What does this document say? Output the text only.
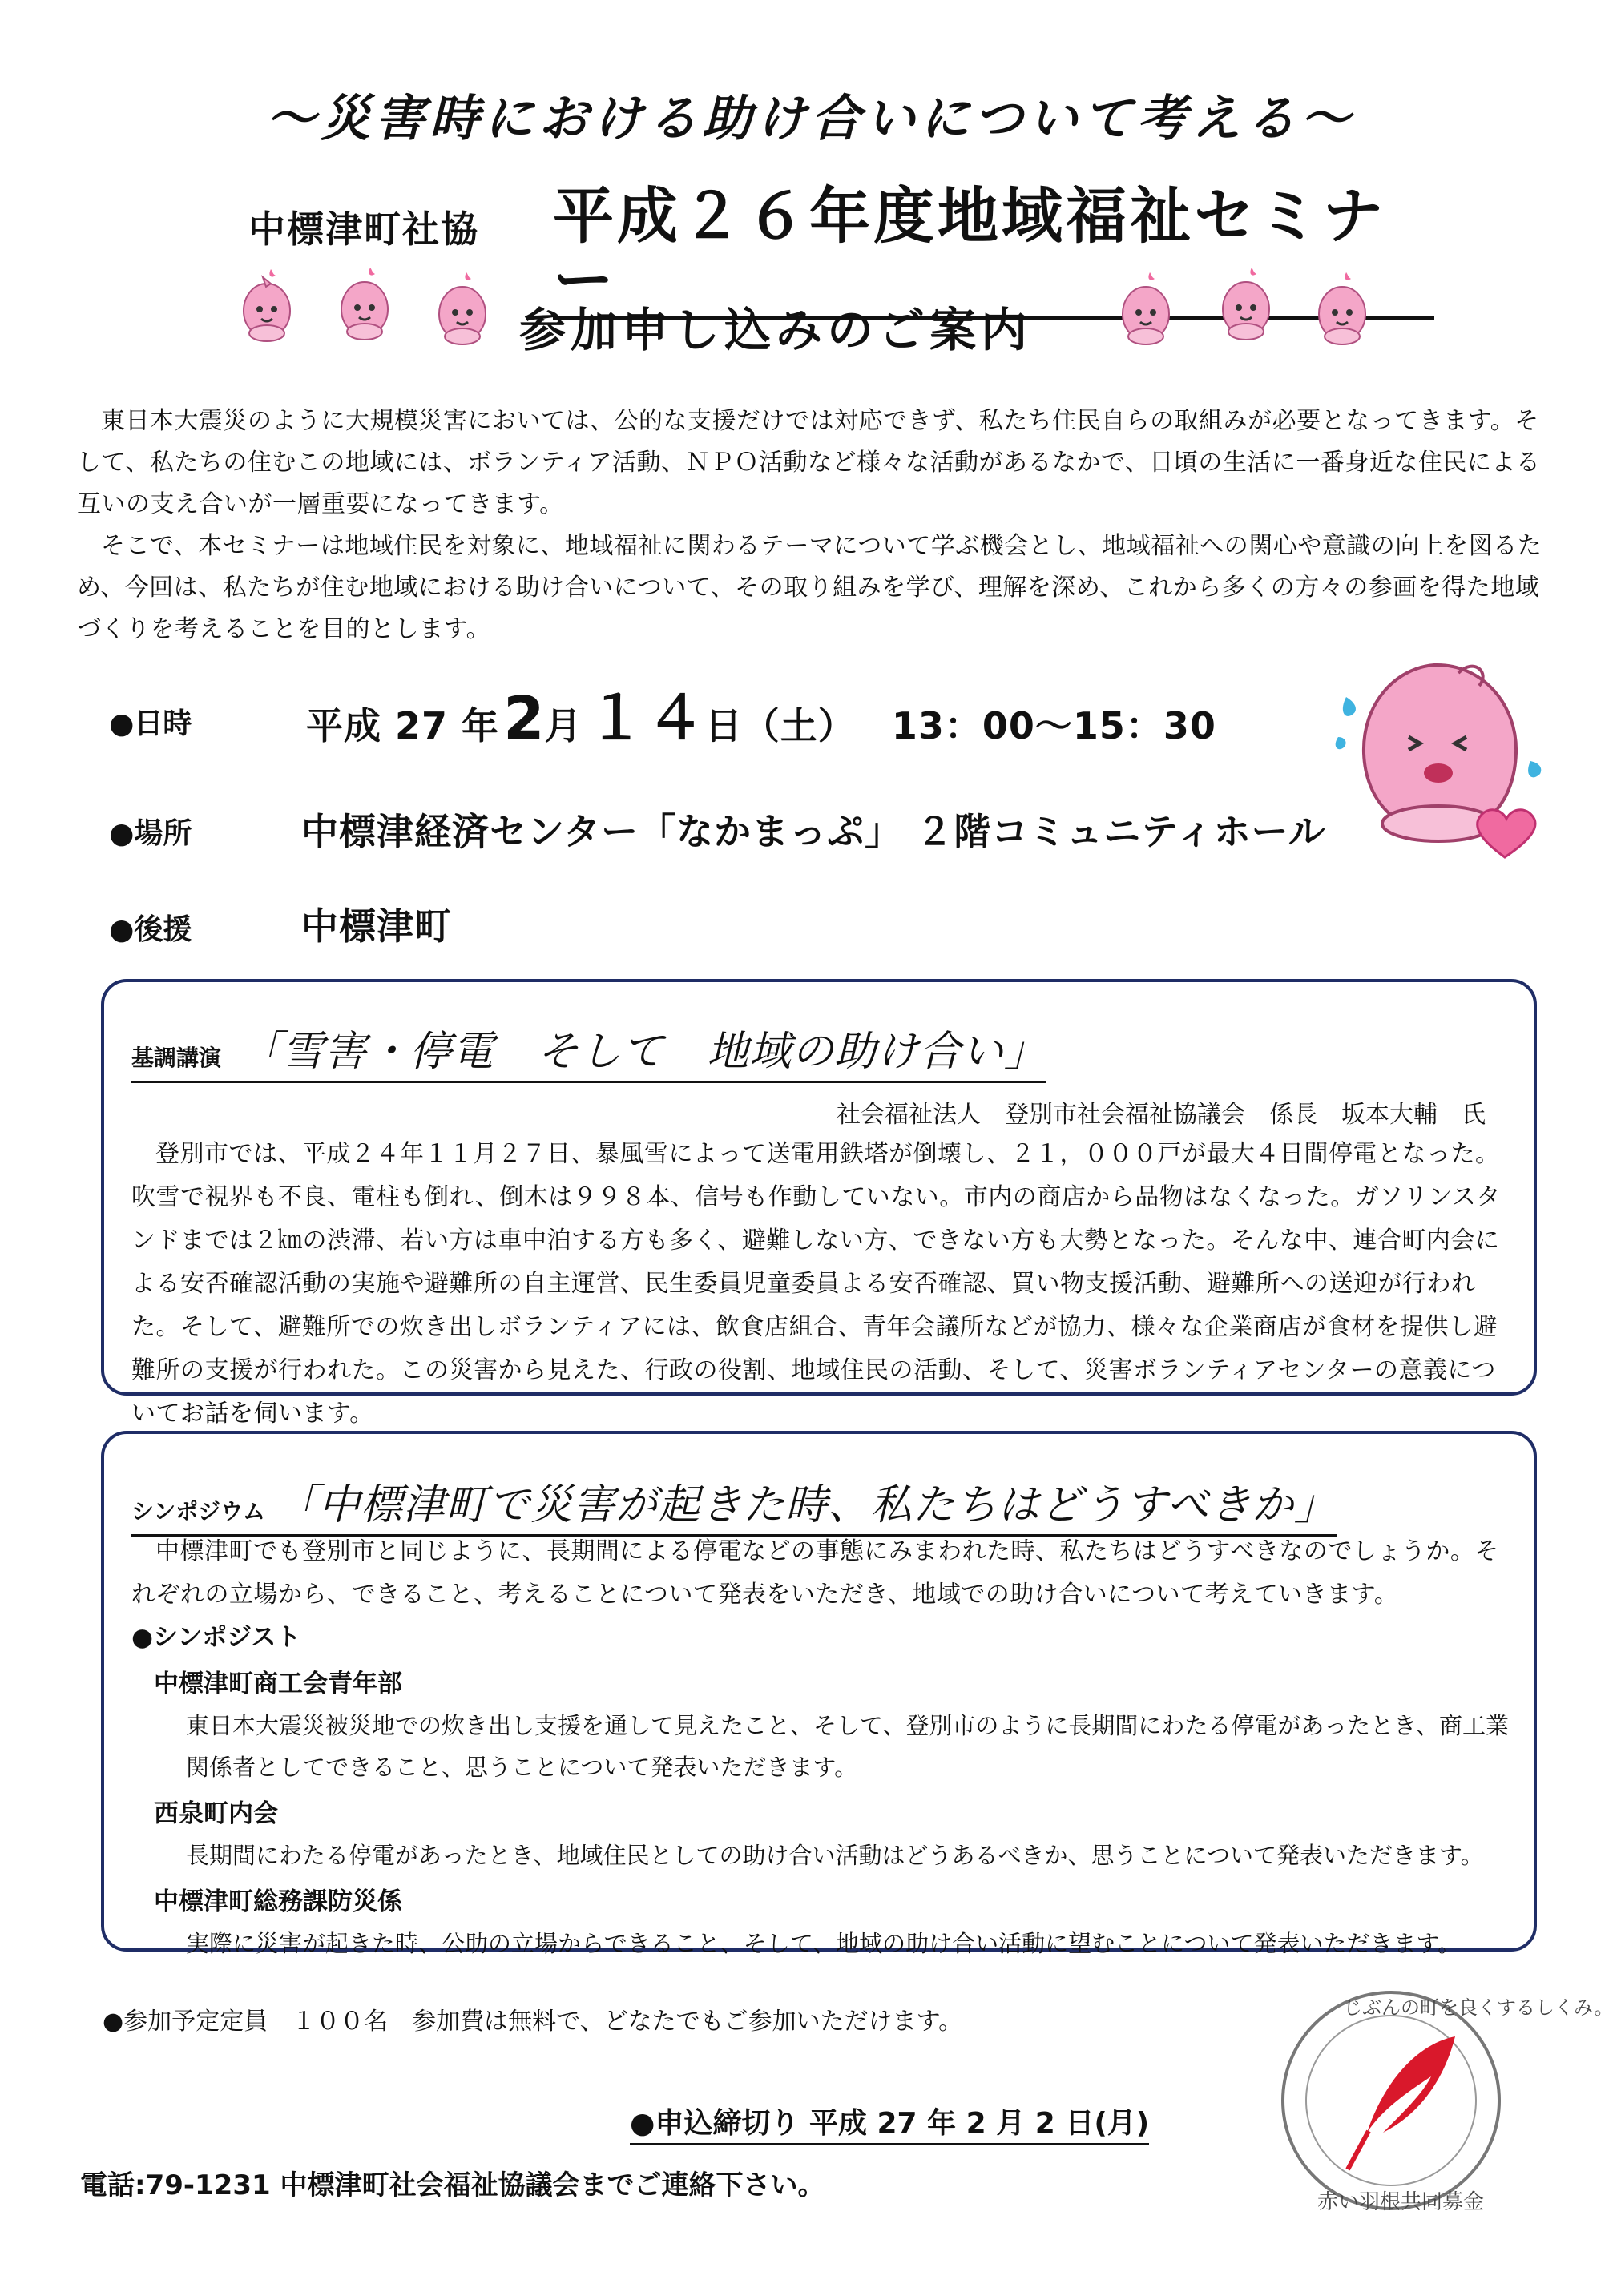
～災害時における助け合いについて考える～
中標津町社協 平成２６年度地域福祉セミナー
参加申し込みのご案内

東日本大震災のように大規模災害においては、公的な支援だけでは対応できず、私たち住民自らの取組みが必要となってきます。そして、私たちの住むこの地域には、ボランティア活動、ＮＰＯ活動など様々な活動があるなかで、日頃の生活に一番身近な住民による互いの支え合いが一層重要になってきます。

そこで、本セミナーは地域住民を対象に、地域福祉に関わるテーマについて学ぶ機会とし、地域福祉への関心や意識の向上を図るため、今回は、私たちが住む地域における助け合いについて、その取り組みを学び、理解を深め、これから多くの方々の参画を得た地域づくりを考えることを目的とします。

●日時	平成 27 年 2月 １４日（土） 13：00～15：30
●場所	中標津経済センター「なかまっぷ」 ２階コミュニティホール
●後援	中標津町
基調講演 「雪害・停電　そして　地域の助け合い」
社会福祉法人　登別市社会福祉協議会　係長　坂本大輔　氏

登別市では、平成２４年１１月２７日、暴風雪によって送電用鉄塔が倒壊し、２１，０００戸が最大４日間停電となった。吹雪で視界も不良、電柱も倒れ、倒木は９９８本、信号も作動していない。市内の商店から品物はなくなった。ガソリンスタンドまでは２㎞の渋滞、若い方は車中泊する方も多く、避難しない方、できない方も大勢となった。そんな中、連合町内会による安否確認活動の実施や避難所の自主運営、民生委員児童委員よる安否確認、買い物支援活動、避難所への送迎が行われた。そして、避難所での炊き出しボランティアには、飲食店組合、青年会議所などが協力、様々な企業商店が食材を提供し避難所の支援が行われた。この災害から見えた、行政の役割、地域住民の活動、そして、災害ボランティアセンターの意義についてお話を伺います。

シンポジウム 「中標津町で災害が起きた時、私たちはどうすべきか」

中標津町でも登別市と同じように、長期間による停電などの事態にみまわれた時、私たちはどうすべきなのでしょうか。それぞれの立場から、できること、考えることについて発表をいただき、地域での助け合いについて考えていきます。

●シンポジスト
中標津町商工会青年部

東日本大震災被災地での炊き出し支援を通して見えたこと、そして、登別市のように長期間にわたる停電があったとき、商工業関係者としてできること、思うことについて発表いただきます。

西泉町内会

長期間にわたる停電があったとき、地域住民としての助け合い活動はどうあるべきか、思うことについて発表いただきます。

中標津町総務課防災係

実際に災害が起きた時、公助の立場からできること、そして、地域の助け合い活動に望むことについて発表いただきます。

●参加予定定員　１００名　参加費は無料で、どなたでもご参加いただけます。
●申込締切り 平成 27 年 2 月 2 日(月)
電話:79-1231 中標津町社会福祉協議会までご連絡下さい。
じぶんの町を良くするしくみ。
赤い羽根共同募金
